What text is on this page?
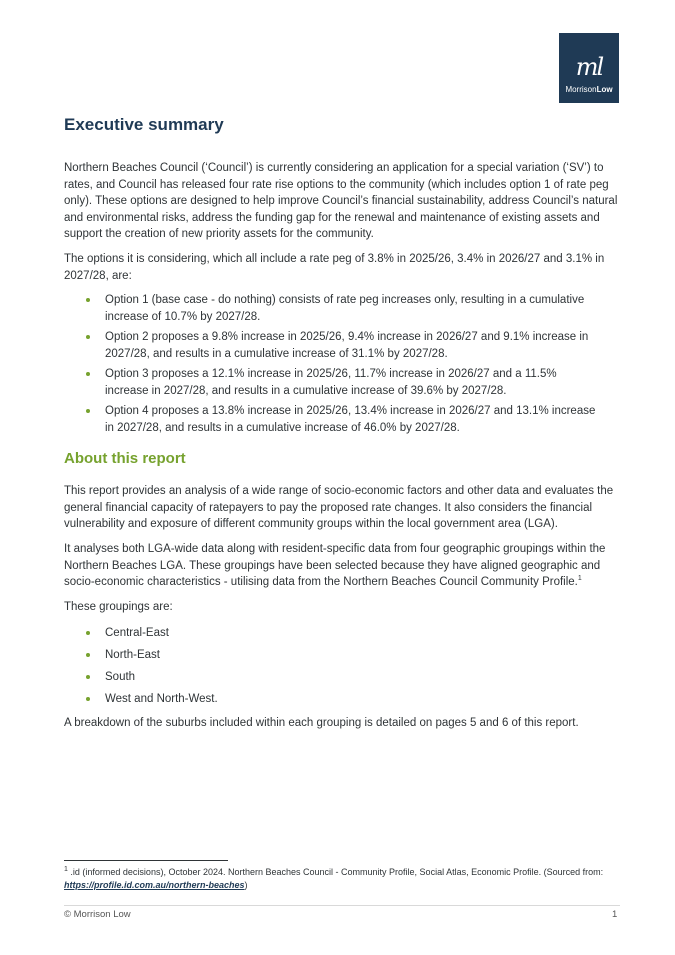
ml
MorrisonLow
Executive summary

Northern Beaches Council (‘Council’) is currently considering an application for a special variation (‘SV’) to rates, and Council has released four rate rise options to the community (which includes option 1 of rate peg only). These options are designed to help improve Council’s financial sustainability, address Council’s natural and environmental risks, address the funding gap for the renewal and maintenance of existing assets and support the creation of new priority assets for the community.

The options it is considering, which all include a rate peg of 3.8% in 2025/26, 3.4% in 2026/27 and 3.1% in 2027/28, are:

Option 1 (base case - do nothing) consists of rate peg increases only, resulting in a cumulative increase of 10.7% by 2027/28.
Option 2 proposes a 9.8% increase in 2025/26, 9.4% increase in 2026/27 and 9.1% increase in 2027/28, and results in a cumulative increase of 31.1% by 2027/28.
Option 3 proposes a 12.1% increase in 2025/26, 11.7% increase in 2026/27 and a 11.5% increase in 2027/28, and results in a cumulative increase of 39.6% by 2027/28.
Option 4 proposes a 13.8% increase in 2025/26, 13.4% increase in 2026/27 and 13.1% increase in 2027/28, and results in a cumulative increase of 46.0% by 2027/28.
About this report

This report provides an analysis of a wide range of socio-economic factors and other data and evaluates the general financial capacity of ratepayers to pay the proposed rate changes. It also considers the financial vulnerability and exposure of different community groups within the local government area (LGA).

It analyses both LGA-wide data along with resident-specific data from four geographic groupings within the Northern Beaches LGA. These groupings have been selected because they have aligned geographic and socio-economic characteristics - utilising data from the Northern Beaches Council Community Profile.$^1$

These groupings are:

Central-East
North-East
South
West and North-West.

A breakdown of the suburbs included within each grouping is detailed on pages 5 and 6 of this report.

$^1$ .id (informed decisions), October 2024. Northern Beaches Council - Community Profile, Social Atlas, Economic Profile. (Sourced from: https://profile.id.com.au/northern-beaches)

© Morrison Low	1
